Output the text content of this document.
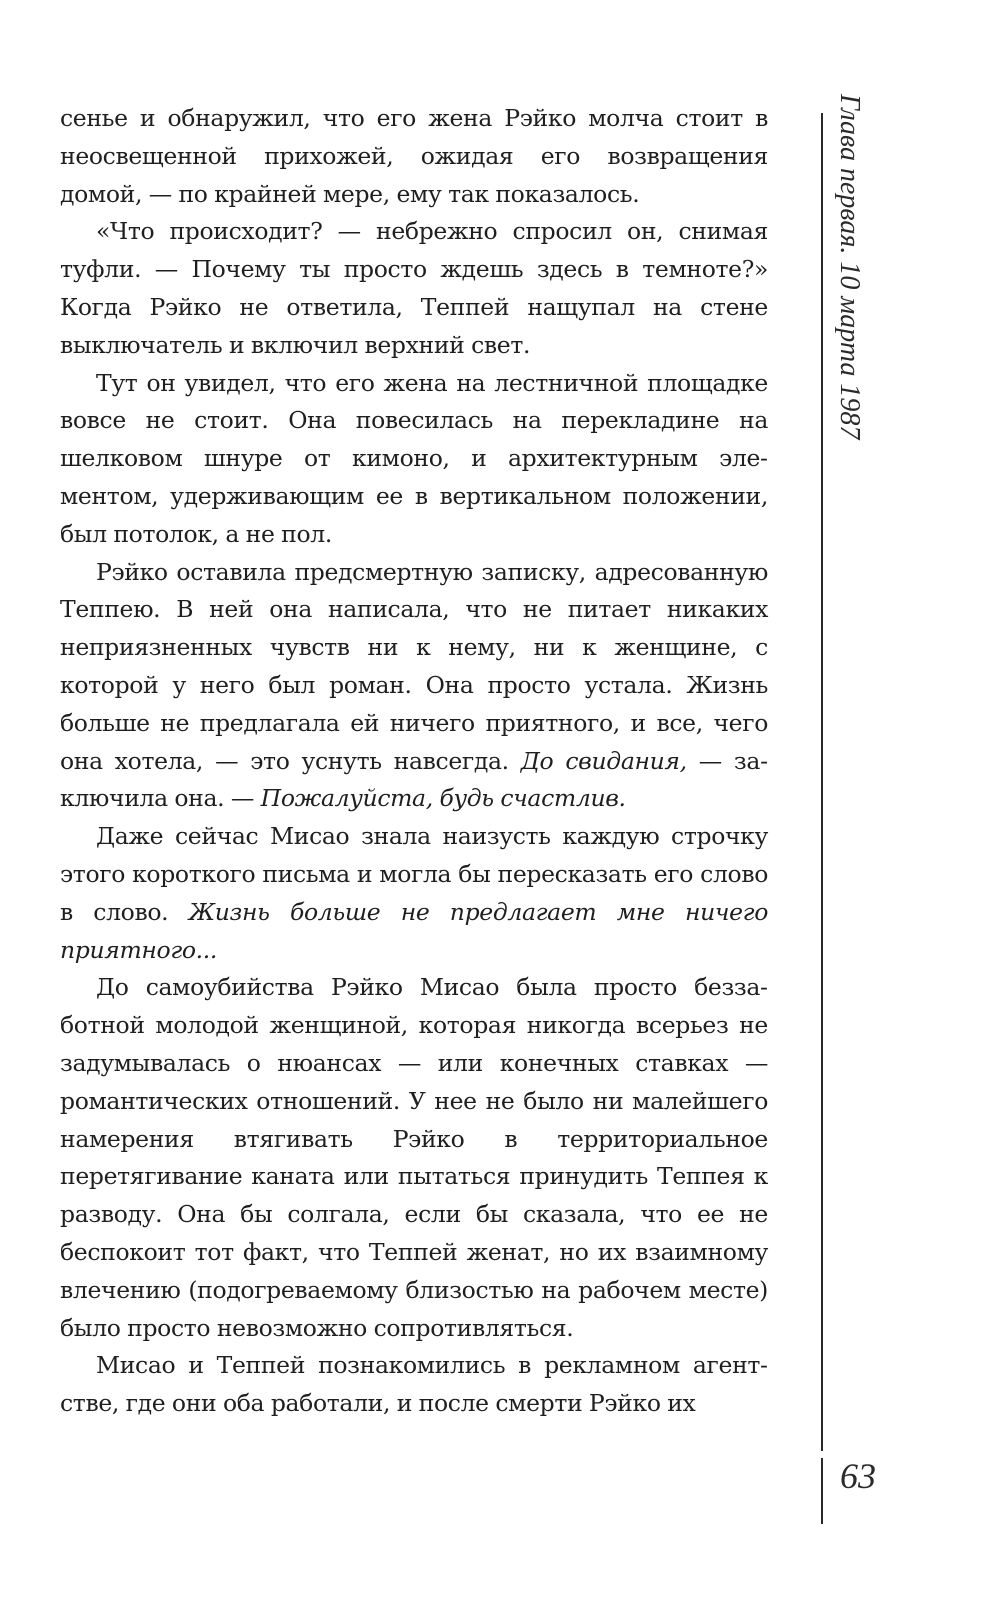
сенье и обнаружил, что его жена Рэйко молча стоит в неосвещенной прихожей, ожидая его возвращения домой, — по крайней мере, ему так показалось.

«Что происходит? — небрежно спросил он, снимая туфли. — Почему ты просто ждешь здесь в темноте?» Когда Рэйко не ответила, Теппей нащупал на стене выключатель и включил верхний свет.

Тут он увидел, что его жена на лестничной площадке вовсе не стоит. Она повесилась на перекладине на шелковом шнуре от кимоно, и архитектурным элементом, удерживающим ее в вертикальном положении, был потолок, а не пол.

Рэйко оставила предсмертную записку, адресованную Теппею. В ней она написала, что не питает никаких неприязненных чувств ни к нему, ни к женщине, с которой у него был роман. Она просто устала. Жизнь больше не предлагала ей ничего приятного, и все, чего она хотела, — это уснуть навсегда. До свидания, — заключила она. — Пожалуйста, будь счастлив.

Даже сейчас Мисао знала наизусть каждую строчку этого короткого письма и могла бы пересказать его слово в слово. Жизнь больше не предлагает мне ничего приятного...

До самоубийства Рэйко Мисао была просто беззаботной молодой женщиной, которая никогда всерьез не задумывалась о нюансах — или конечных ставках — романтических отношений. У нее не было ни малейшего намерения втягивать Рэйко в территориальное перетягивание каната или пытаться принудить Теппея к разводу. Она бы солгала, если бы сказала, что ее не беспокоит тот факт, что Теппей женат, но их взаимному влечению (подогреваемому близостью на рабочем месте) было просто невозможно сопротивляться.

Мисао и Теппей познакомились в рекламном агентстве, где они оба работали, и после смерти Рэйко их

Глава первая. 10 марта 1987
63
